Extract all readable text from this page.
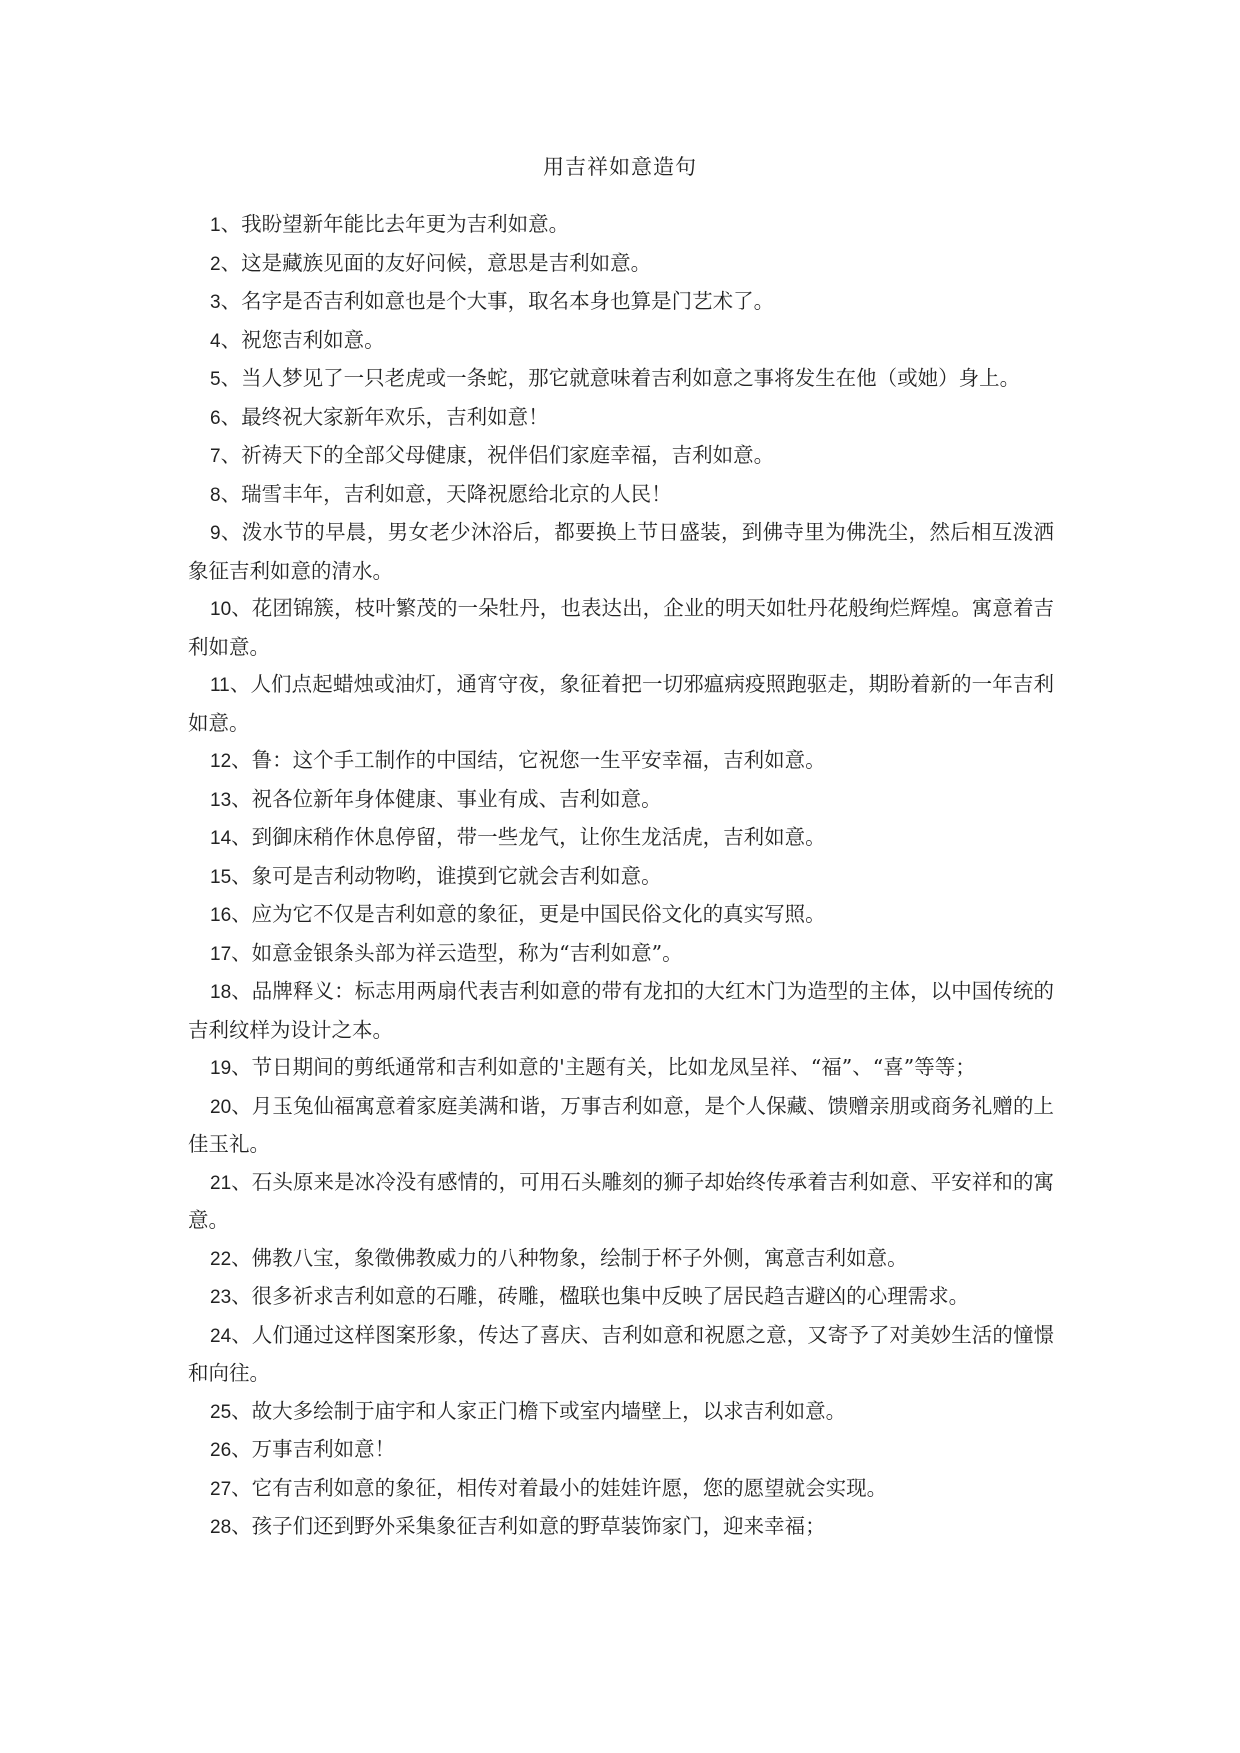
用吉祥如意造句

1、我盼望新年能比去年更为吉利如意。

2、这是藏族见面的友好问候，意思是吉利如意。

3、名字是否吉利如意也是个大事，取名本身也算是门艺术了。

4、祝您吉利如意。

5、当人梦见了一只老虎或一条蛇，那它就意味着吉利如意之事将发生在他（或她）身上。

6、最终祝大家新年欢乐，吉利如意！

7、祈祷天下的全部父母健康，祝伴侣们家庭幸福，吉利如意。

8、瑞雪丰年，吉利如意，天降祝愿给北京的人民！

9、泼水节的早晨，男女老少沐浴后，都要换上节日盛装，到佛寺里为佛洗尘，然后相互泼洒象征吉利如意的清水。

10、花团锦簇，枝叶繁茂的一朵牡丹，也表达出，企业的明天如牡丹花般绚烂辉煌。寓意着吉利如意。

11、人们点起蜡烛或油灯，通宵守夜，象征着把一切邪瘟病疫照跑驱走，期盼着新的一年吉利如意。

12、鲁：这个手工制作的中国结，它祝您一生平安幸福，吉利如意。

13、祝各位新年身体健康、事业有成、吉利如意。

14、到御床稍作休息停留，带一些龙气，让你生龙活虎，吉利如意。

15、象可是吉利动物哟，谁摸到它就会吉利如意。

16、应为它不仅是吉利如意的象征，更是中国民俗文化的真实写照。

17、如意金银条头部为祥云造型，称为“吉利如意”。

18、品牌释义：标志用两扇代表吉利如意的带有龙扣的大红木门为造型的主体，以中国传统的吉利纹样为设计之本。

19、节日期间的剪纸通常和吉利如意的'主题有关，比如龙凤呈祥、“福”、“喜”等等；

20、月玉兔仙福寓意着家庭美满和谐，万事吉利如意，是个人保藏、馈赠亲朋或商务礼赠的上佳玉礼。

21、石头原来是冰冷没有感情的，可用石头雕刻的狮子却始终传承着吉利如意、平安祥和的寓意。

22、佛教八宝，象徵佛教威力的八种物象，绘制于杯子外侧，寓意吉利如意。

23、很多祈求吉利如意的石雕，砖雕，楹联也集中反映了居民趋吉避凶的心理需求。

24、人们通过这样图案形象，传达了喜庆、吉利如意和祝愿之意，又寄予了对美妙生活的憧憬和向往。

25、故大多绘制于庙宇和人家正门檐下或室内墙壁上，以求吉利如意。

26、万事吉利如意！

27、它有吉利如意的象征，相传对着最小的娃娃许愿，您的愿望就会实现。

28、孩子们还到野外采集象征吉利如意的野草装饰家门，迎来幸福；
